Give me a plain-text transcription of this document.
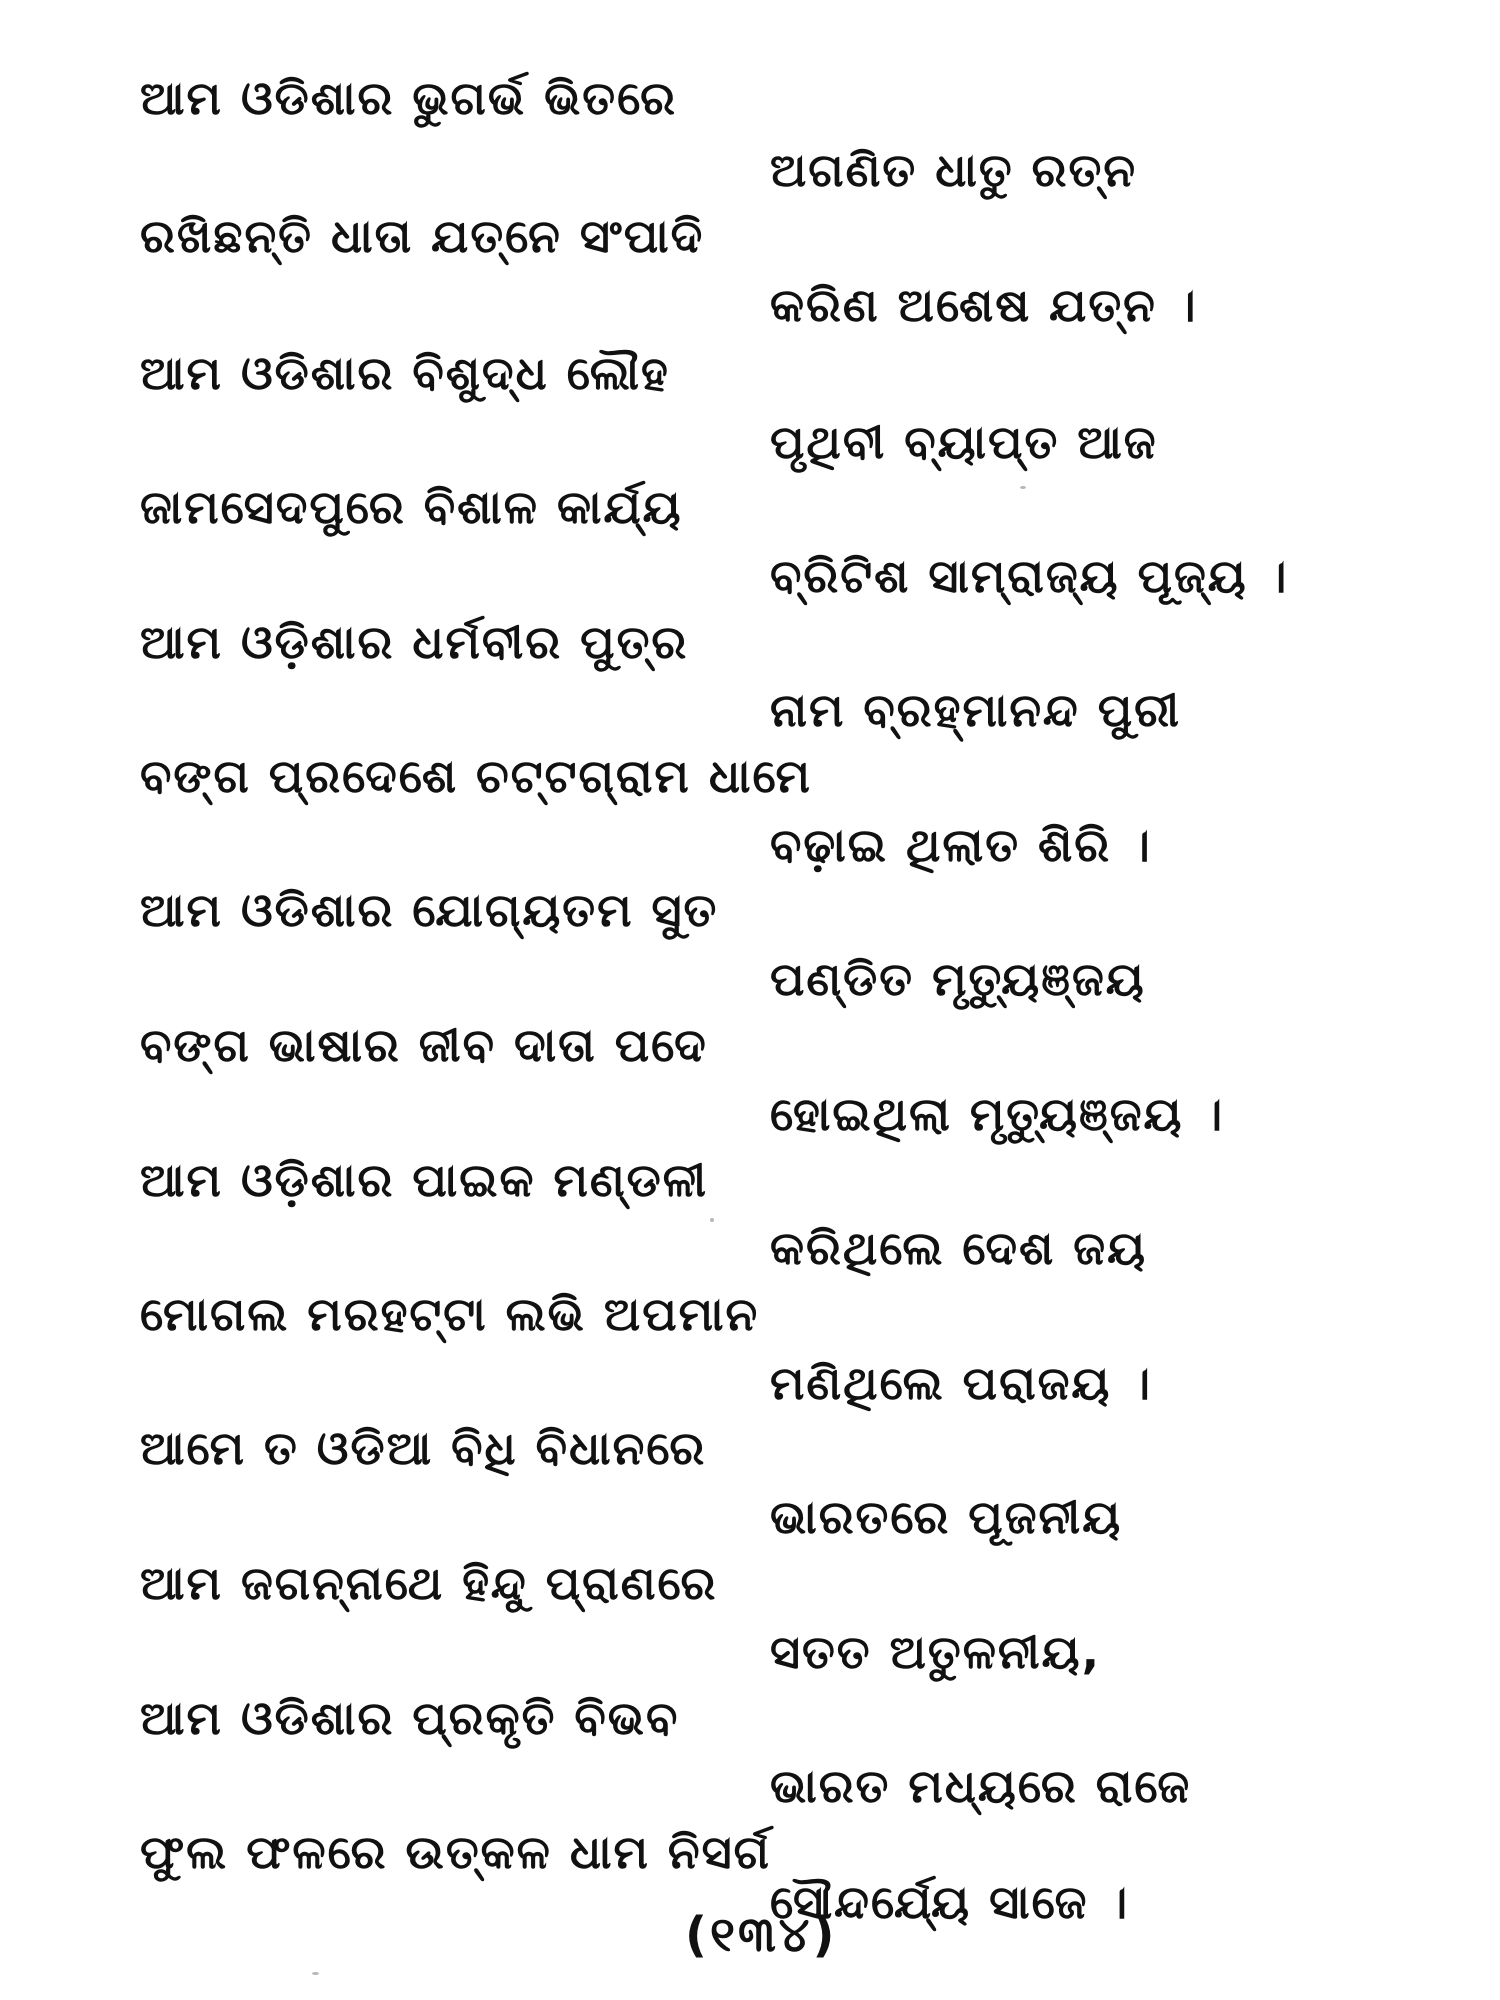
ଆମ ଓଡିଶାର ଭୁଗର୍ଭ ଭିତରେ
ଅଗଣିତ ଧାତୁ ରତ୍ନ
ରଖିଛନ୍ତି ଧାତା ଯତ୍ନେ ସଂପାଦି
କରିଣ ଅଶେଷ ଯତ୍ନ ।
ଆମ ଓଡିଶାର ବିଶୁଦ୍ଧ ଲୌହ
ପୃଥିବୀ ବ୍ୟାପ୍ତ ଆଜ
ଜାମସେଦପୁରେ ବିଶାଳ କାର୍ଯ୍ୟ
ବ୍ରିଟିଶ ସାମ୍ରାଜ୍ୟ ପୂଜ୍ୟ ।
ଆମ ଓଡ଼ିଶାର ଧର୍ମବୀର ପୁତ୍ର
ନାମ ବ୍ରହ୍ମାନନ୍ଦ ପୁରୀ
ବଙ୍ଗ ପ୍ରଦେଶେ ଚଟ୍ଟଗ୍ରାମ ଧାମେ
ବଢ଼ାଇ ଥିଲାତ ଶିରି ।
ଆମ ଓଡିଶାର ଯୋଗ୍ୟତମ ସୁତ
ପଣ୍ଡିତ ମୃତ୍ୟୁଞ୍ଜୟ
ବଙ୍ଗ ଭାଷାର ଜୀବ ଦାତା ପଦେ
ହୋଇଥିଲା ମୃତ୍ୟୁଞ୍ଜୟ ।
ଆମ ଓଡ଼ିଶାର ପାଇକ ମଣ୍ଡଳୀ
କରିଥିଲେ ଦେଶ ଜୟ
ମୋଗଲ ମରହଟ୍ଟା ଲଭି ଅପମାନ
ମଣିଥିଲେ ପରାଜୟ ।
ଆମେ ତ ଓଡିଆ ବିଧି ବିଧାନରେ
ଭାରତରେ ପୂଜନୀୟ
ଆମ ଜଗନ୍ନାଥେ ହିନ୍ଦୁ ପ୍ରାଣରେ
ସତତ ଅତୁଳନୀୟ,
ଆମ ଓଡିଶାର ପ୍ରକୃତି ବିଭବ
ଭାରତ ମଧ୍ୟରେ ରାଜେ
ଫୁଲ ଫଳରେ ଉତ୍କଳ ଧାମ ନିସର୍ଗ
ସୌନ୍ଦର୍ଯ୍ୟେ ସାଜେ ।
(୧୩୪)
